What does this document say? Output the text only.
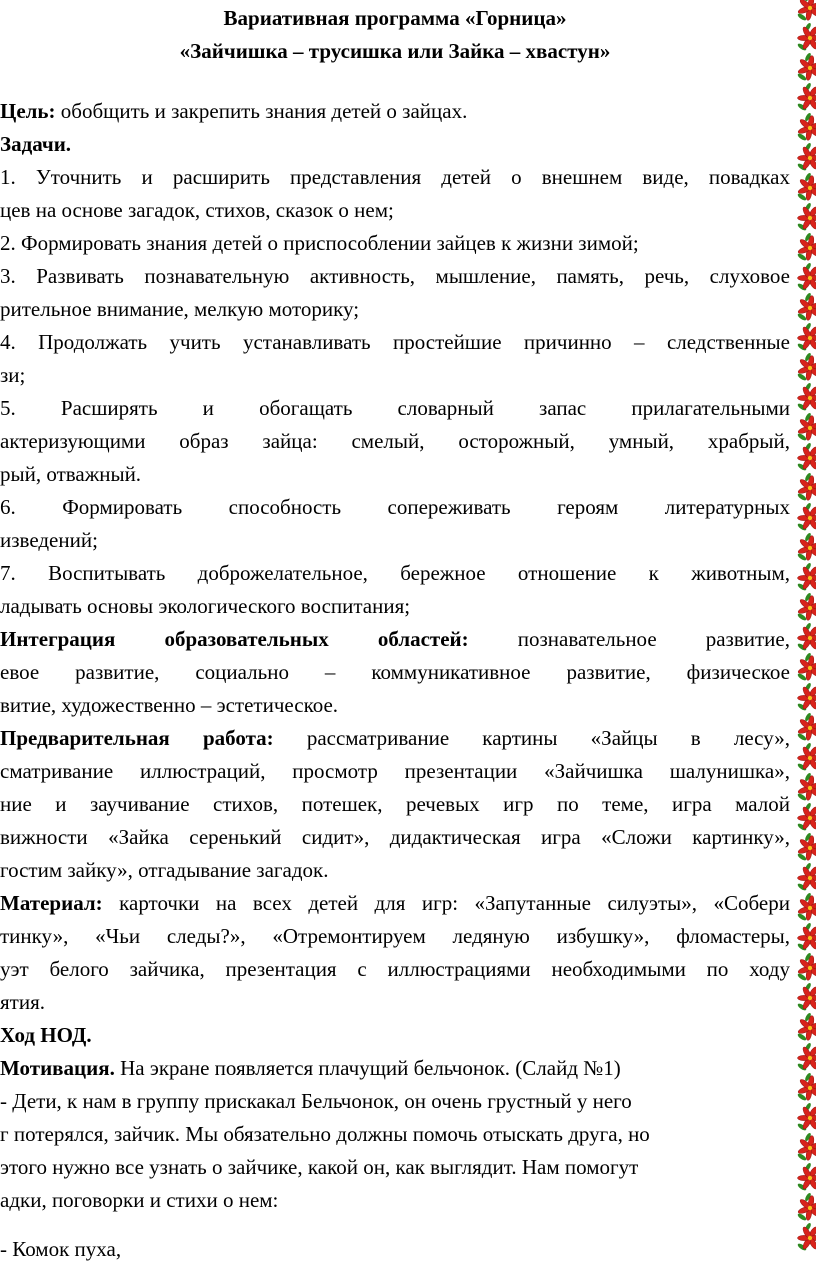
Вариативная программа «Горница»
«Зайчишка – трусишка или Зайка – хвастун»
Цель: обобщить и закрепить знания детей о зайцах.
Задачи.
1. Уточнить и расширить представления детей о внешнем виде, повадках
цев на основе загадок, стихов, сказок о нем;
2. Формировать знания детей о приспособлении зайцев к жизни зимой;
3. Развивать познавательную активность, мышление, память, речь, слуховое
рительное внимание, мелкую моторику;
4. Продолжать учить устанавливать простейшие причинно – следственные
зи;
5. Расширять и обогащать словарный запас прилагательными
актеризующими образ зайца: смелый, осторожный, умный, храбрый,
рый, отважный.
6. Формировать способность сопереживать героям литературных
изведений;
7. Воспитывать доброжелательное, бережное отношение к животным,
ладывать основы экологического воспитания;
Интеграция образовательных областей: познавательное развитие,
евое развитие, социально – коммуникативное развитие, физическое
витие, художественно – эстетическое.
Предварительная работа: рассматривание картины «Зайцы в лесу»,
сматривание иллюстраций, просмотр презентации «Зайчишка шалунишка»,
ние и заучивание стихов, потешек, речевых игр по теме, игра малой
вижности «Зайка серенький сидит», дидактическая игра «Сложи картинку»,
гостим зайку», отгадывание загадок.
Материал: карточки на всех детей для игр: «Запутанные силуэты», «Собери
тинку», «Чьи следы?», «Отремонтируем ледяную избушку», фломастеры,
уэт белого зайчика, презентация с иллюстрациями необходимыми по ходу
ятия.
Ход НОД.
Мотивация. На экране появляется плачущий бельчонок. (Слайд №1)
- Дети, к нам в группу прискакал Бельчонок, он очень грустный у него
г потерялся, зайчик. Мы обязательно должны помочь отыскать друга, но
этого нужно все узнать о зайчике, какой он, как выглядит. Нам помогут
адки, поговорки и стихи о нем:
- Комок пуха,
